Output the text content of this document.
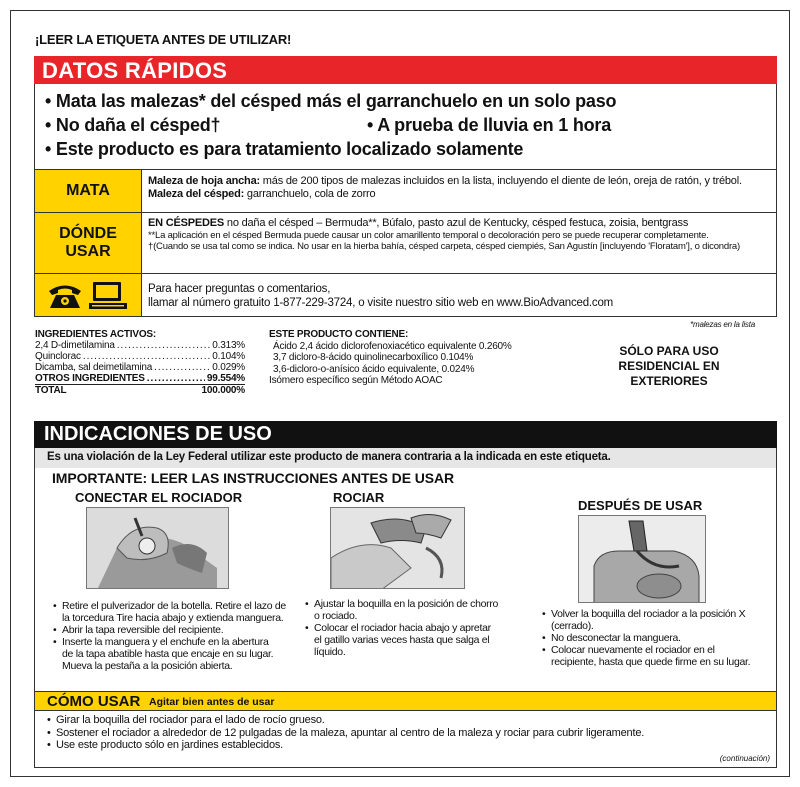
¡LEER LA ETIQUETA ANTES DE UTILIZAR!
DATOS RÁPIDOS
• Mata las malezas* del césped más el garranchuelo en un solo paso
• No daña el césped†	• A prueba de lluvia en 1 hora
• Este producto es para tratamiento localizado solamente
MATA
Maleza de hoja ancha: más de 200 tipos de malezas incluidos en la lista, incluyendo el diente de león, oreja de ratón, y trébol.
Maleza del césped: garranchuelo, cola de zorro
DÓNDE
USAR
EN CÉSPEDES no daña el césped – Bermuda**, Búfalo, pasto azul de Kentucky, césped festuca, zoisia, bentgrass
**La aplicación en el césped Bermuda puede causar un color amarillento temporal o decoloración pero se puede recuperar completamente.
†(Cuando se usa tal como se indica. No usar en la hierba bahía, césped carpeta, césped ciempiés, San Agustín [incluyendo 'Floratam'], o dicondra)
Para hacer preguntas o comentarios,
llamar al número gratuito 1-877-229-3724, o visite nuestro sitio web en www.BioAdvanced.com
*malezas en la lista
INGREDIENTES ACTIVOS:
2,4 D-dimetilamina .....	0.313%
Quinclorac .....	0.104%
Dicamba, sal deimetilamina .....	0.029%
OTROS INGREDIENTES .....	99.554%
TOTAL	100.000%
ESTE PRODUCTO CONTIENE:
Ácido 2,4 ácido diclorofenoxiacético equivalente 0.260%
3,7 dicloro-8-ácido quinolinecarboxílico 0.104%
3,6-dicloro-o-anísico ácido equivalente, 0.024%
Isómero específico según Método AOAC
SÓLO PARA USO
RESIDENCIAL EN
EXTERIORES
INDICACIONES DE USO
Es una violación de la Ley Federal utilizar este producto de manera contraria a la indicada en este etiqueta.
IMPORTANTE: LEER LAS INSTRUCCIONES ANTES DE USAR
CONECTAR EL ROCIADOR
• Retire el pulverizador de la botella. Retire el lazo de
la torcedura Tire hacia abajo y extienda manguera.
• Abrir la tapa reversible del recipiente.
• Inserte la manguera y el enchufe en la abertura
de la tapa abatible hasta que encaje en su lugar.
Mueva la pestaña a la posición abierta.
ROCIAR
• Ajustar la boquilla en la posición de chorro
o rociado.
• Colocar el rociador hacia abajo y apretar
el gatillo varias veces hasta que salga el
líquido.
DESPUÉS DE USAR
• Volver la boquilla del rociador a la posición X
(cerrado).
• No desconectar la manguera.
• Colocar nuevamente el rociador en el
recipiente, hasta que quede firme en su lugar.
CÓMO USAR Agitar bien antes de usar
• Girar la boquilla del rociador para el lado de rocío grueso.
• Sostener el rociador a alrededor de 12 pulgadas de la maleza, apuntar al centro de la maleza y rociar para cubrir ligeramente.
• Use este producto sólo en jardines establecidos.
(continuación)
